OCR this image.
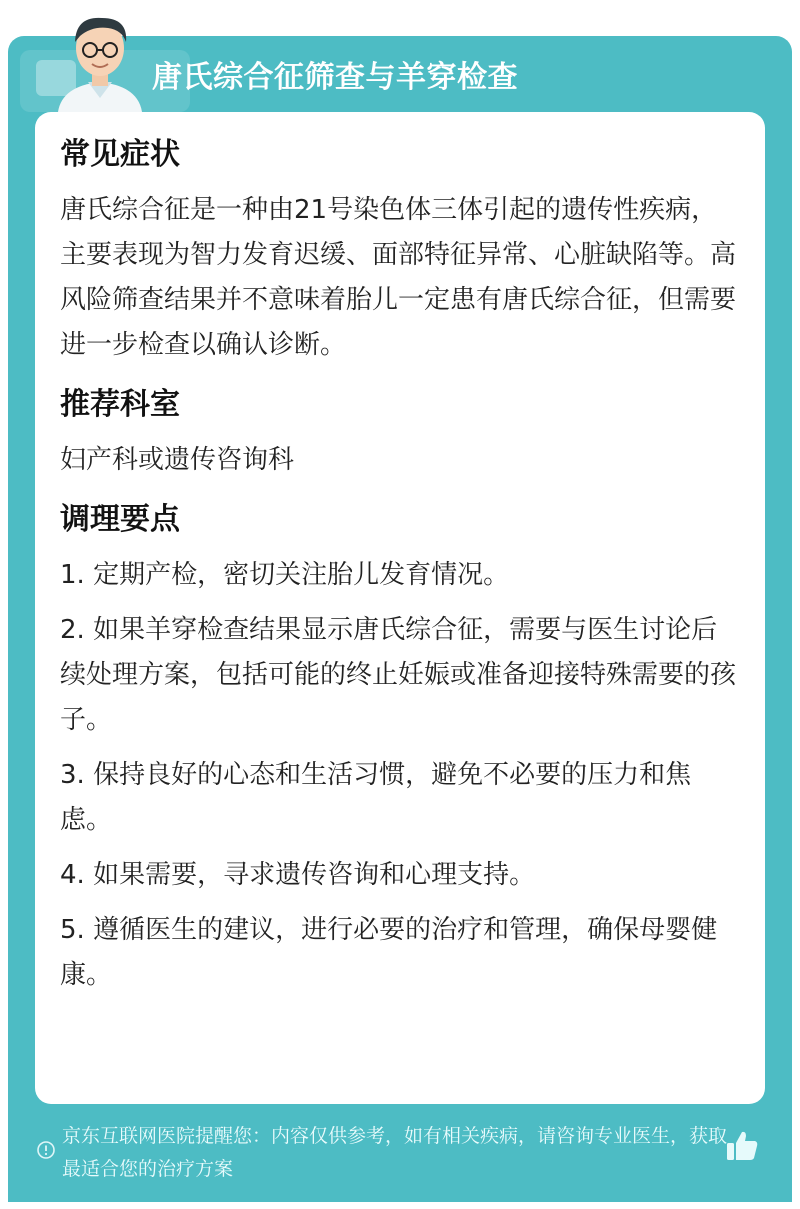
唐氏综合征筛查与羊穿检查
常见症状

唐氏综合征是一种由21号染色体三体引起的遗传性疾病，主要表现为智力发育迟缓、面部特征异常、心脏缺陷等。高风险筛查结果并不意味着胎儿一定患有唐氏综合征，但需要进一步检查以确认诊断。

推荐科室

妇产科或遗传咨询科

调理要点

1. 定期产检，密切关注胎儿发育情况。

2. 如果羊穿检查结果显示唐氏综合征，需要与医生讨论后续处理方案，包括可能的终止妊娠或准备迎接特殊需要的孩子。

3. 保持良好的心态和生活习惯，避免不必要的压力和焦虑。

4. 如果需要，寻求遗传咨询和心理支持。

5. 遵循医生的建议，进行必要的治疗和管理，确保母婴健康。

京东互联网医院提醒您：内容仅供参考，如有相关疾病，请咨询专业医生，获取最适合您的治疗方案
